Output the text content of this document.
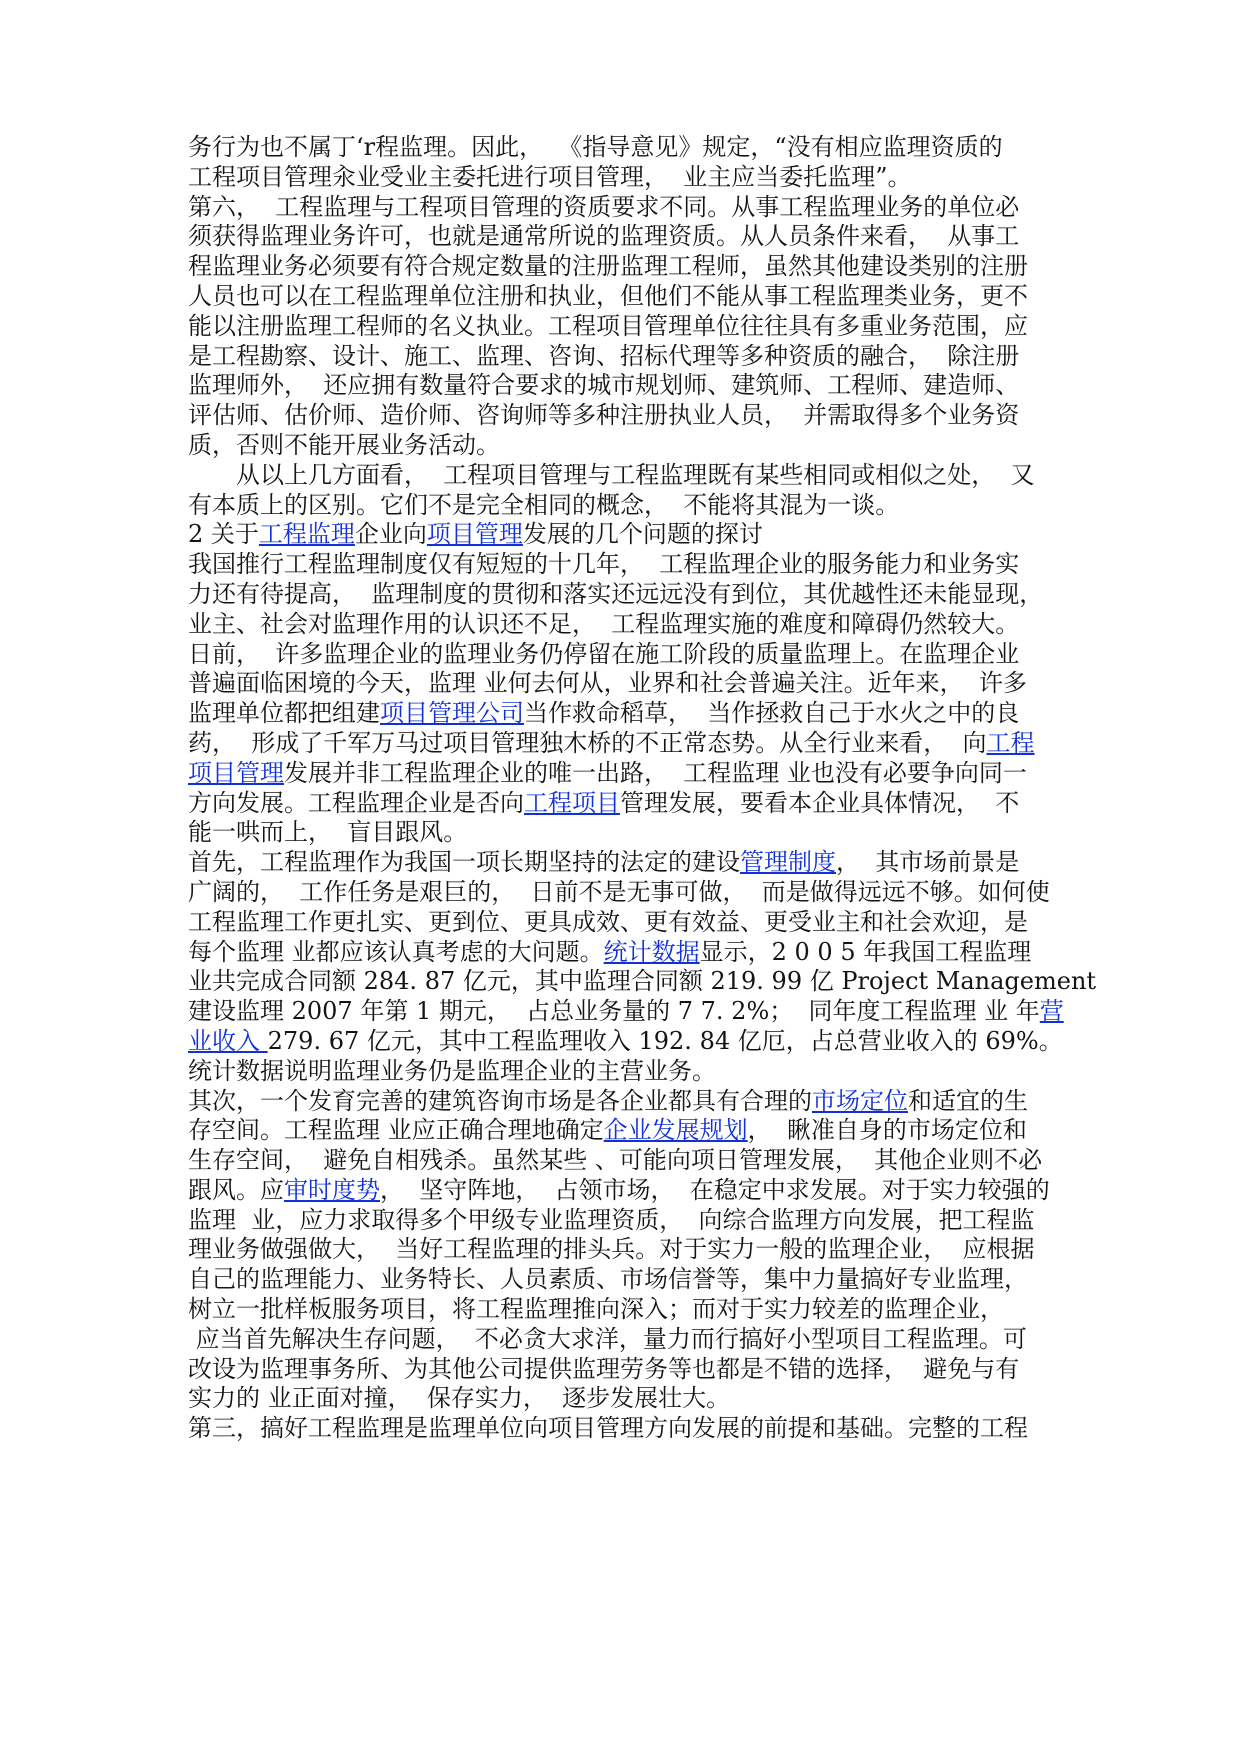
务行为也不属丁‘r程监理。因此，  《指导意见》规定，“没有相应监理资质的
工程项目管理汆业受业主委托进行项目管理，  业主应当委托监理”。
第六，  工程监理与工程项目管理的资质要求不同。从事工程监理业务的单位必
须获得监理业务许可，也就是通常所说的监理资质。从人员条件来看，  从事工
程监理业务必须要有符合规定数量的注册监理工程师，虽然其他建设类别的注册
人员也可以在工程监理单位注册和执业，但他们不能从事工程监理类业务，更不
能以注册监理工程师的名义执业。工程项目管理单位往往具有多重业务范围，应
是工程勘察、设计、施工、监理、咨询、招标代理等多种资质的融合，  除注册
监理师外，  还应拥有数量符合要求的城市规划师、建筑师、工程师、建造师、
评估师、估价师、造价师、咨询师等多种注册执业人员，  并需取得多个业务资
质，否则不能开展业务活动。
从以上几方面看，  工程项目管理与工程监理既有某些相同或相似之处，  又
有本质上的区别。它们不是完全相同的概念，  不能将其混为一谈。
2 关于工程监理企业向项目管理发展的几个问题的探讨
我国推行工程监理制度仅有短短的十几年，  工程监理企业的服务能力和业务实
力还有待提高，  监理制度的贯彻和落实还远远没有到位，其优越性还未能显现，
业主、社会对监理作用的认识还不足，  工程监理实施的难度和障碍仍然较大。
日前，  许多监理企业的监理业务仍停留在施工阶段的质量监理上。在监理企业
普遍面临困境的今天，监理 业何去何从，业界和社会普遍关注。近年来，  许多
监理单位都把组建项目管理公司当作救命稻草，  当作拯救自己于水火之中的良
药，  形成了千军万马过项目管理独木桥的不正常态势。从全行业来看，  向工程
项目管理发展并非工程监理企业的唯一出路，  工程监理 业也没有必要争向同一
方向发展。工程监理企业是否向工程项目管理发展，要看本企业具体情况，  不
能一哄而上，  盲目跟风。
首先，工程监理作为我国一项长期坚持的法定的建设管理制度，  其市场前景是
广阔的，  工作任务是艰巨的，  日前不是无事可做，  而是做得远远不够。如何使
工程监理工作更扎实、更到位、更具成效、更有效益、更受业主和社会欢迎，是
每个监理 业都应该认真考虑的大问题。统计数据显示，2 0 0 5 年我国工程监理
业共完成合同额 284. 87 亿元，其中监理合同额 219. 99 亿 Project Management
建设监理 2007 年第 1 期元，  占总业务量的 7 7. 2%；  同年度工程监理 业 年营
业收入 279. 67 亿元，其中工程监理收入 192. 84 亿厄，占总营业收入的 69%。
统计数据说明监理业务仍是监理企业的主营业务。
其次，一个发育完善的建筑咨询市场是各企业都具有合理的市场定位和适宜的生
存空间。工程监理 业应正确合理地确定企业发展规划，  瞅准自身的市场定位和
生存空间，  避免自相残杀。虽然某些 、可能向项日管理发展，  其他企业则不必
跟风。应审时度势，  坚守阵地，  占领市场，  在稳定中求发展。对于实力较强的
监理  业，应力求取得多个甲级专业监理资质，  向综合监理方向发展，把工程监
理业务做强做大，  当好工程监理的排头兵。对于实力一般的监理企业，  应根据
自己的监理能力、业务特长、人员素质、市场信誉等，集中力量搞好专业监理，
树立一批样板服务项目，将工程监理推向深入；而对于实力较差的监理企业，
应当首先解决生存问题，  不必贪大求洋，量力而行搞好小型项目工程监理。可
改设为监理事务所、为其他公司提供监理劳务等也都是不错的选择，  避免与有
实力的 业正面对撞，  保存实力，  逐步发展壮大。
第三，搞好工程监理是监理单位向项目管理方向发展的前提和基础。完整的工程
